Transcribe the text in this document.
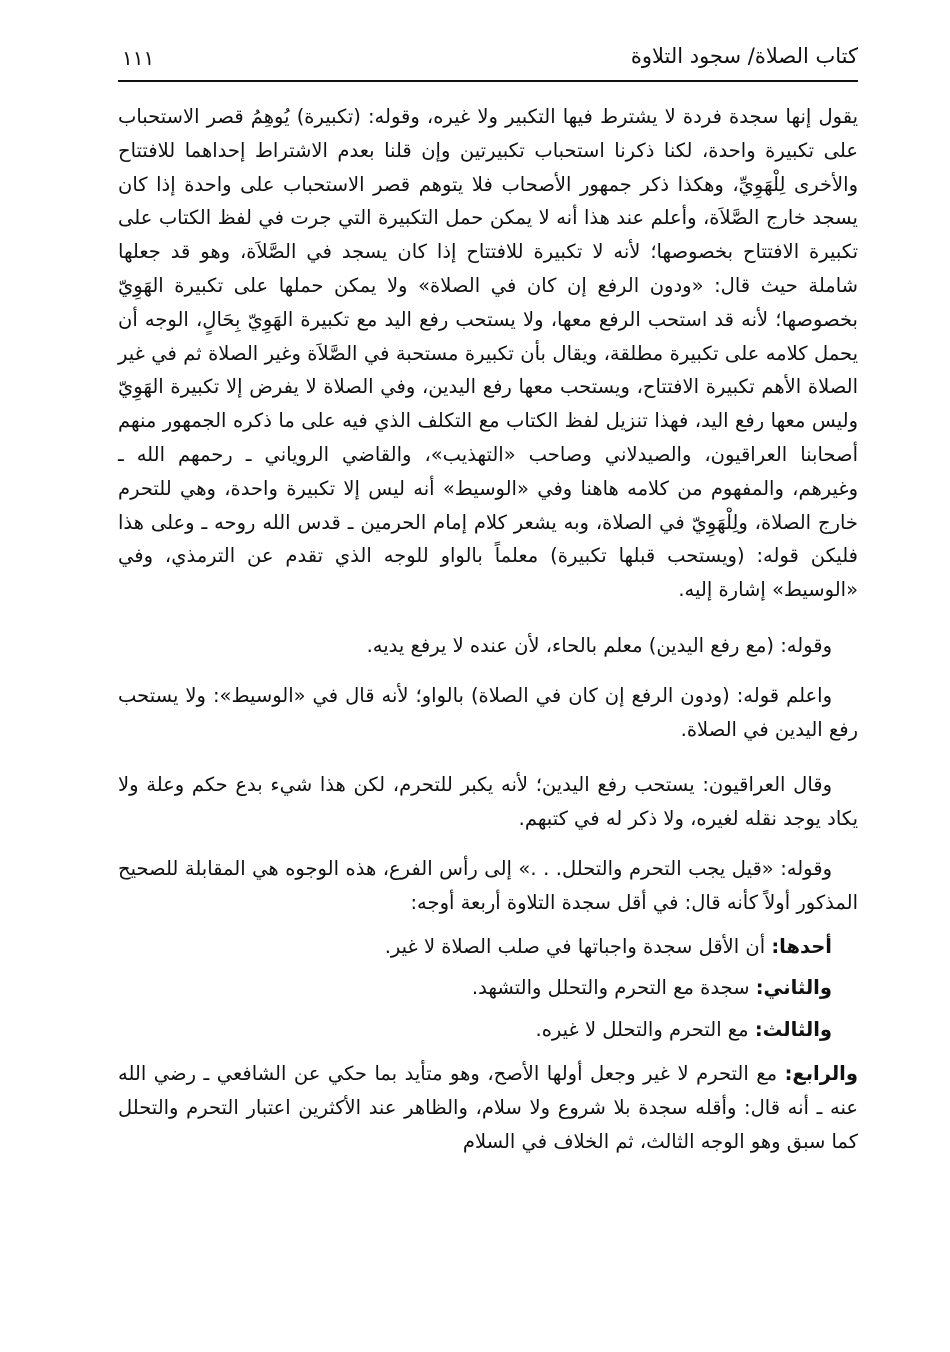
كتاب الصلاة/ سجود التلاوة
١١١

يقول إنها سجدة فردة لا يشترط فيها التكبير ولا غيره، وقوله: (تكبيرة) يُوهِمُ قصر الاستحباب على تكبيرة واحدة، لكنا ذكرنا استحباب تكبيرتين وإن قلنا بعدم الاشتراط إحداهما للافتتاح والأخرى لِلْهَوِيِّ، وهكذا ذكر جمهور الأصحاب فلا يتوهم قصر الاستحباب على واحدة إذا كان يسجد خارج الصَّلاَة، وأعلم عند هذا أنه لا يمكن حمل التكبيرة التي جرت في لفظ الكتاب على تكبيرة الافتتاح بخصوصها؛ لأنه لا تكبيرة للافتتاح إذا كان يسجد في الصَّلاَة، وهو قد جعلها شاملة حيث قال: «ودون الرفع إن كان في الصلاة» ولا يمكن حملها على تكبيرة الهَوِيّ بخصوصها؛ لأنه قد استحب الرفع معها، ولا يستحب رفع اليد مع تكبيرة الهَوِيّ بِحَالٍ، الوجه أن يحمل كلامه على تكبيرة مطلقة، ويقال بأن تكبيرة مستحبة في الصَّلاَة وغير الصلاة ثم في غير الصلاة الأهم تكبيرة الافتتاح، ويستحب معها رفع اليدين، وفي الصلاة لا يفرض إلا تكبيرة الهَوِيّ وليس معها رفع اليد، فهذا تنزيل لفظ الكتاب مع التكلف الذي فيه على ما ذكره الجمهور منهم أصحابنا العراقيون، والصيدلاني وصاحب «التهذيب»، والقاضي الروياني ـ رحمهم الله ـ وغيرهم، والمفهوم من كلامه هاهنا وفي «الوسيط» أنه ليس إلا تكبيرة واحدة، وهي للتحرم خارج الصلاة، ولِلْهَوِيّ في الصلاة، وبه يشعر كلام إمام الحرمين ـ قدس الله روحه ـ وعلى هذا فليكن قوله: (ويستحب قبلها تكبيرة) معلماً بالواو للوجه الذي تقدم عن الترمذي، وفي «الوسيط» إشارة إليه.

وقوله: (مع رفع اليدين) معلم بالحاء، لأن عنده لا يرفع يديه.

واعلم قوله: (ودون الرفع إن كان في الصلاة) بالواو؛ لأنه قال في «الوسيط»: ولا يستحب رفع اليدين في الصلاة.

وقال العراقيون: يستحب رفع اليدين؛ لأنه يكبر للتحرم، لكن هذا شيء بدع حكم وعلة ولا يكاد يوجد نقله لغيره، ولا ذكر له في كتبهم.

وقوله: «قيل يجب التحرم والتحلل. . .» إلى رأس الفرع، هذه الوجوه هي المقابلة للصحيح المذكور أولاً كأنه قال: في أقل سجدة التلاوة أربعة أوجه:

أحدها: أن الأقل سجدة واجباتها في صلب الصلاة لا غير.

والثاني: سجدة مع التحرم والتحلل والتشهد.

والثالث: مع التحرم والتحلل لا غيره.

والرابع: مع التحرم لا غير وجعل أولها الأصح، وهو متأيد بما حكي عن الشافعي ـ رضي الله عنه ـ أنه قال: وأقله سجدة بلا شروع ولا سلام، والظاهر عند الأكثرين اعتبار التحرم والتحلل كما سبق وهو الوجه الثالث، ثم الخلاف في السلام
